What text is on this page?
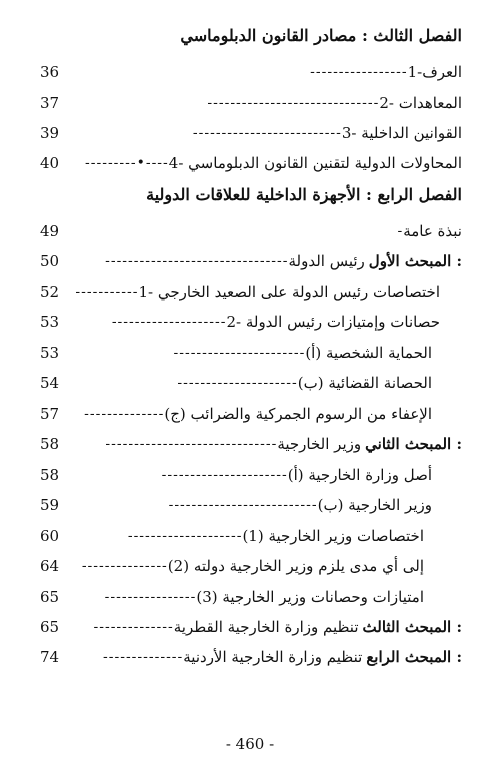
الفصل الثالث : مصادر القانون الدبلوماسي
1-العرف
-----------------
36
2- المعاهدات
------------------------------
37
3- القوانين الداخلية
--------------------------
39
4- المحاولات الدولية لتقنين القانون الدبلوماسي
---------•----
40
الفصل الرابع : الأجهزة الداخلية للعلاقات الدولية
نبذة عامة
-
49
المبحث الأول :
رئيس الدولة
--------------------------------
50
1- اختصاصات رئيس الدولة على الصعيد الخارجي
-----------
52
2- حصانات وإمتيازات رئيس الدولة
--------------------
53
(أ) الحماية الشخصية
-----------------------
53
(ب) الحصانة القضائية
---------------------
54
(ج) الإعفاء من الرسوم الجمركية والضرائب
--------------
57
المبحث الثاني :
وزير الخارجية
------------------------------
58
(أ) أصل وزارة الخارجية
----------------------
58
(ب) وزير الخارجية
--------------------------
59
(1) اختصاصات وزير الخارجية
--------------------
60
(2) إلى أي مدى يلزم وزير الخارجية دولته
---------------
64
(3) امتيازات وحصانات وزير الخارجية
----------------
65
المبحث الثالث :
تنظيم وزارة الخارجية القطرية
--------------
65
المبحث الرابع :
تنظيم وزارة الخارجية الأردنية
--------------
74
- 460 -
